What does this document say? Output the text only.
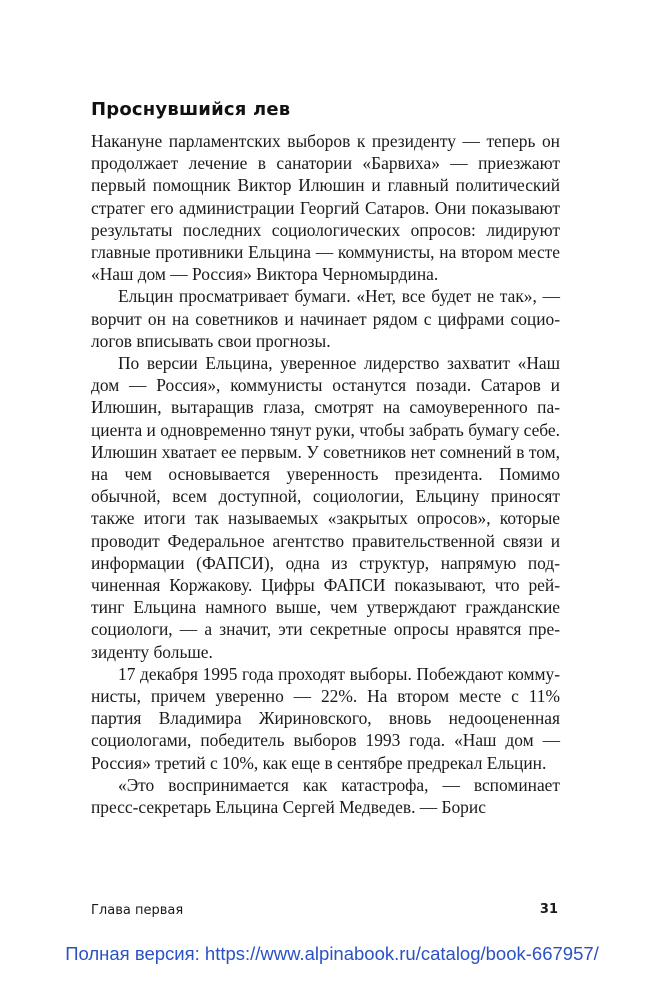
Проснувшийся лев

Накануне парламентских выборов к президенту — теперь он продолжает лечение в санатории «Барвиха» — приезжают первый помощник Виктор Илюшин и главный политический стратег его администрации Георгий Сатаров. Они показывают результаты последних социологических опросов: лидируют главные противники Ельцина — коммунисты, на втором месте «Наш дом — Россия» Виктора Черномырдина.

Ельцин просматривает бумаги. «Нет, все будет не так», — ворчит он на советников и начинает рядом с цифрами социологов вписывать свои прогнозы.

По версии Ельцина, уверенное лидерство захватит «Наш дом — Россия», коммунисты останутся позади. Сатаров и Илюшин, вытаращив глаза, смотрят на самоуверенного пациента и одновременно тянут руки, чтобы забрать бумагу себе. Илюшин хватает ее первым. У советников нет сомнений в том, на чем основывается уверенность президента. Помимо обычной, всем доступной, социологии, Ельцину приносят также итоги так называемых «закрытых опросов», которые проводит Федеральное агентство правительственной связи и информации (ФАПСИ), одна из структур, напрямую подчиненная Коржакову. Цифры ФАПСИ показывают, что рейтинг Ельцина намного выше, чем утверждают гражданские социологи, — а значит, эти секретные опросы нравятся президенту больше.

17 декабря 1995 года проходят выборы. Побеждают коммунисты, причем уверенно — 22%. На втором месте с 11% партия Владимира Жириновского, вновь недооцененная социологами, победитель выборов 1993 года. «Наш дом — Россия» третий с 10%, как еще в сентябре предрекал Ельцин.

«Это воспринимается как катастрофа, — вспоминает пресс-секретарь Ельцина Сергей Медведев. — Борис

Глава первая	31
Полная версия: https://www.alpinabook.ru/catalog/book-667957/
